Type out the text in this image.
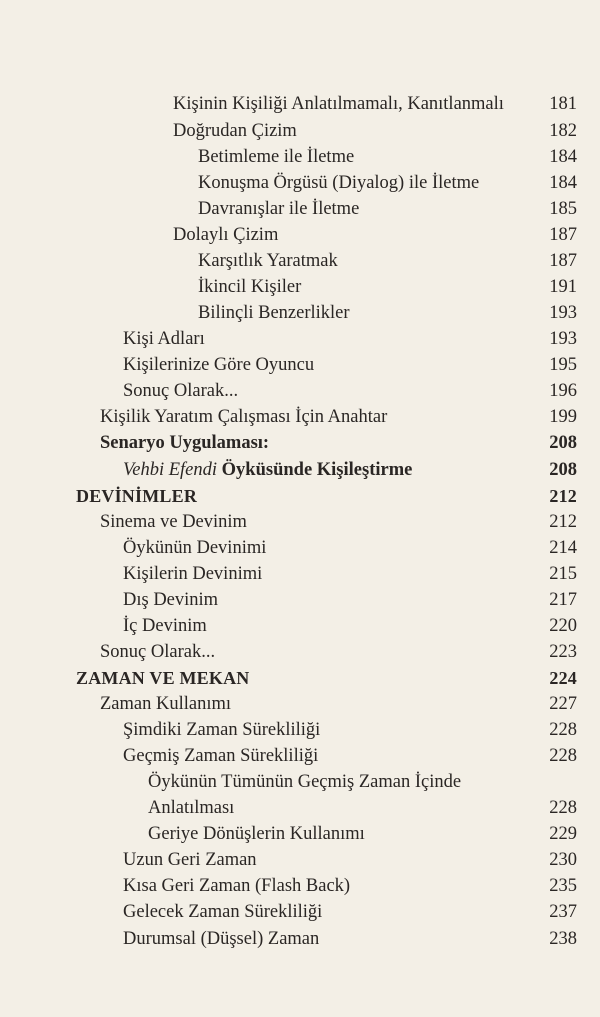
Kişinin Kişiliği Anlatılmamalı, Kanıtlanmalı	181
Doğrudan Çizim	182
Betimleme ile İletme	184
Konuşma Örgüsü (Diyalog) ile İletme	184
Davranışlar ile İletme	185
Dolaylı Çizim	187
Karşıtlık Yaratmak	187
İkincil Kişiler	191
Bilinçli Benzerlikler	193
Kişi Adları	193
Kişilerinize Göre Oyuncu	195
Sonuç Olarak...	196
Kişilik Yaratım Çalışması İçin Anahtar	199
Senaryo Uygulaması:	208
Vehbi Efendi Öyküsünde Kişileştirme	208
DEVİNİMLER	212
Sinema ve Devinim	212
Öykünün Devinimi	214
Kişilerin Devinimi	215
Dış Devinim	217
İç Devinim	220
Sonuç Olarak...	223
ZAMAN VE MEKAN	224
Zaman Kullanımı	227
Şimdiki Zaman Sürekliliği	228
Geçmiş Zaman Sürekliliği	228
Öykünün Tümünün Geçmiş Zaman İçinde
Anlatılması	228
Geriye Dönüşlerin Kullanımı	229
Uzun Geri Zaman	230
Kısa Geri Zaman (Flash Back)	235
Gelecek Zaman Sürekliliği	237
Durumsal (Düşsel) Zaman	238
